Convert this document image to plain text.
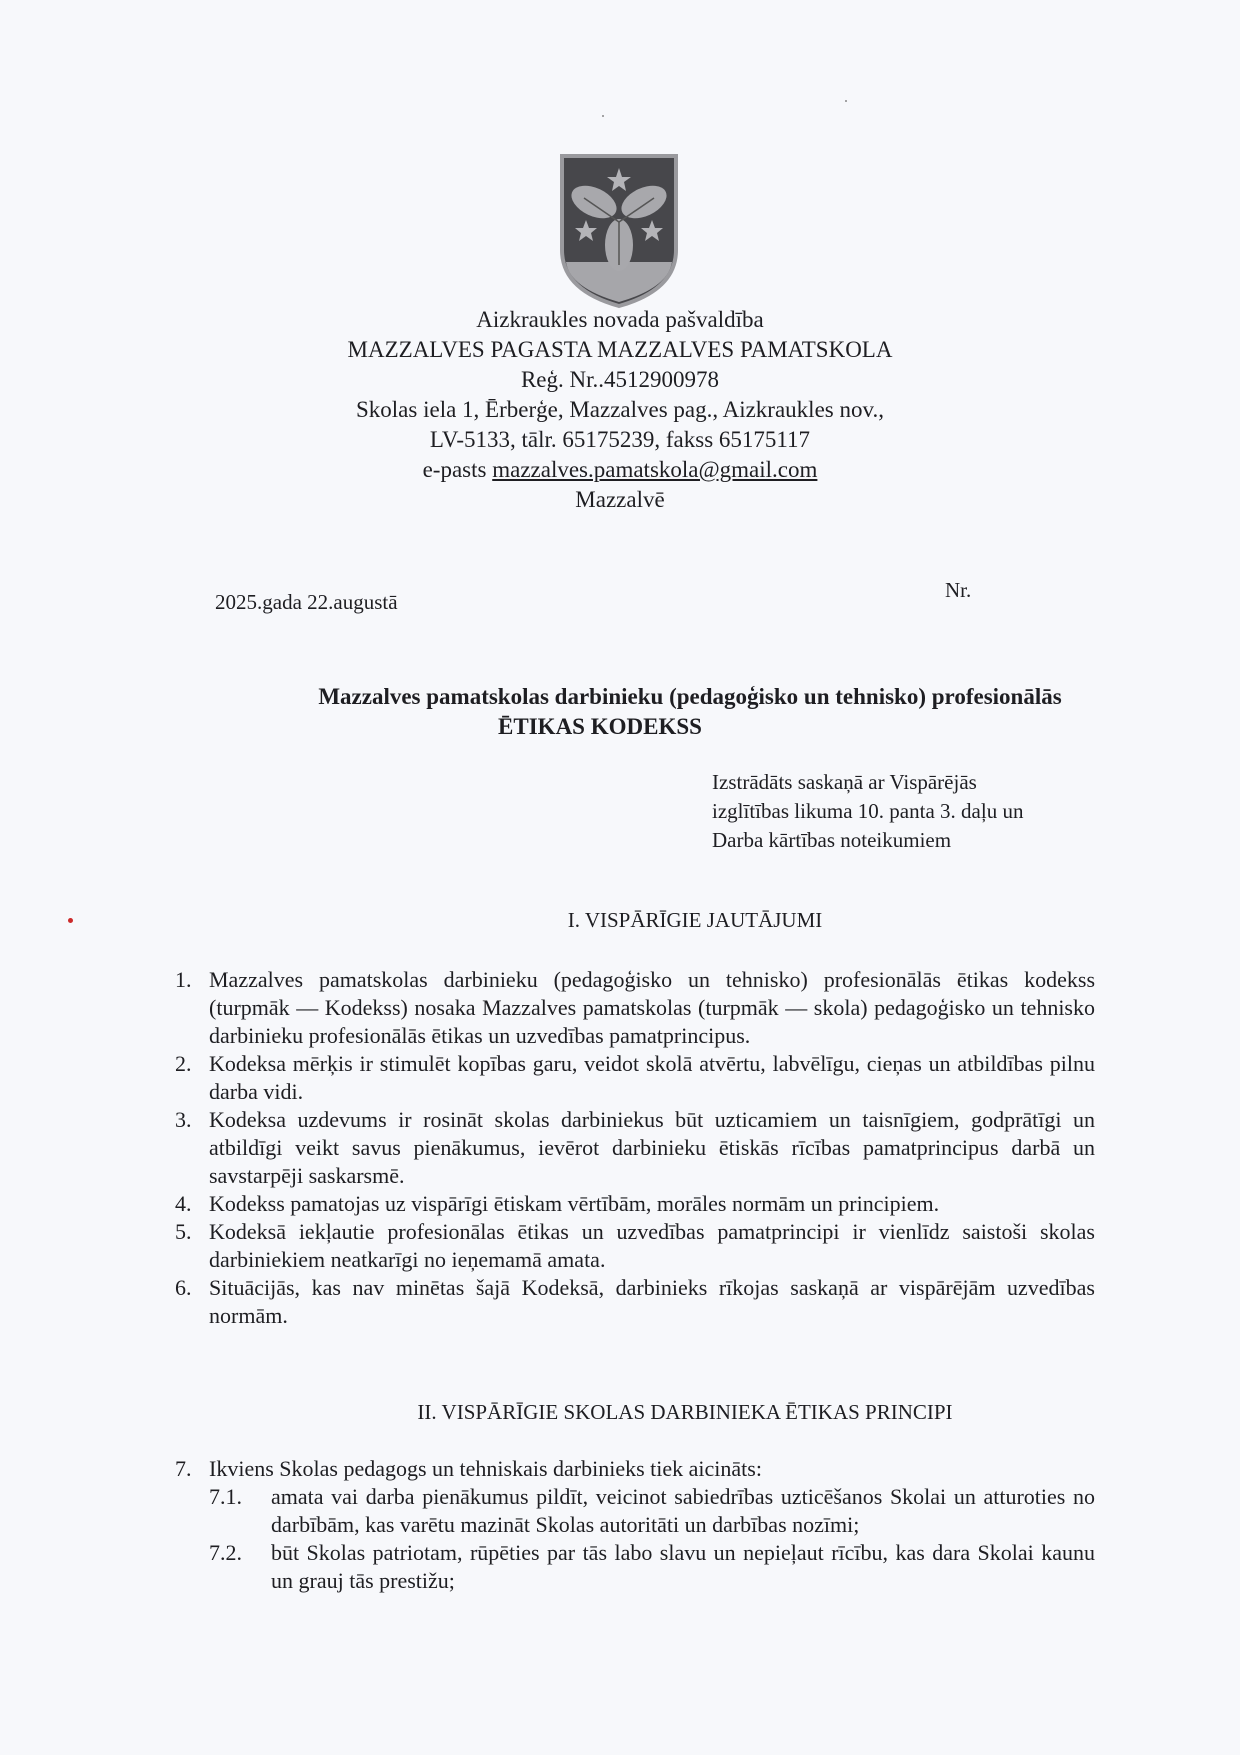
Aizkraukles novada pašvaldība
MAZZALVES PAGASTA MAZZALVES PAMATSKOLA
Reģ. Nr..4512900978
Skolas iela 1, Ērberģe, Mazzalves pag., Aizkraukles nov.,
LV-5133, tālr. 65175239, fakss 65175117
e-pasts mazzalves.pamatskola@gmail.com
Mazzalvē
2025.gada 22.augustā	Nr.
Mazzalves pamatskolas darbinieku (pedagoģisko un tehnisko) profesionālās
ĒTIKAS KODEKSS
Izstrādāts saskaņā ar Vispārējās
izglītības likuma 10. panta 3. daļu un
Darba kārtības noteikumiem
I. VISPĀRĪGIE JAUTĀJUMI
1. Mazzalves pamatskolas darbinieku (pedagoģisko un tehnisko) profesionālās ētikas kodekss (turpmāk — Kodekss) nosaka Mazzalves pamatskolas (turpmāk — skola) pedagoģisko un tehnisko darbinieku profesionālās ētikas un uzvedības pamatprincipus.
2. Kodeksa mērķis ir stimulēt kopības garu, veidot skolā atvērtu, labvēlīgu, cieņas un atbildības pilnu darba vidi.
3. Kodeksa uzdevums ir rosināt skolas darbiniekus būt uzticamiem un taisnīgiem, godprātīgi un atbildīgi veikt savus pienākumus, ievērot darbinieku ētiskās rīcības pamatprincipus darbā un savstarpēji saskarsmē.
4. Kodekss pamatojas uz vispārīgi ētiskam vērtībām, morāles normām un principiem.
5. Kodeksā iekļautie profesionālas ētikas un uzvedības pamatprincipi ir vienlīdz saistoši skolas darbiniekiem neatkarīgi no ieņemamā amata.
6. Situācijās, kas nav minētas šajā Kodeksā, darbinieks rīkojas saskaņā ar vispārējām uzvedības normām.
II. VISPĀRĪGIE SKOLAS DARBINIEKA ĒTIKAS PRINCIPI
7. Ikviens Skolas pedagogs un tehniskais darbinieks tiek aicināts:
7.1.	amata vai darba pienākumus pildīt, veicinot sabiedrības uzticēšanos Skolai un atturoties no darbībām, kas varētu mazināt Skolas autoritāti un darbības nozīmi;
7.2.	būt Skolas patriotam, rūpēties par tās labo slavu un nepieļaut rīcību, kas dara Skolai kaunu un grauj tās prestižu;
